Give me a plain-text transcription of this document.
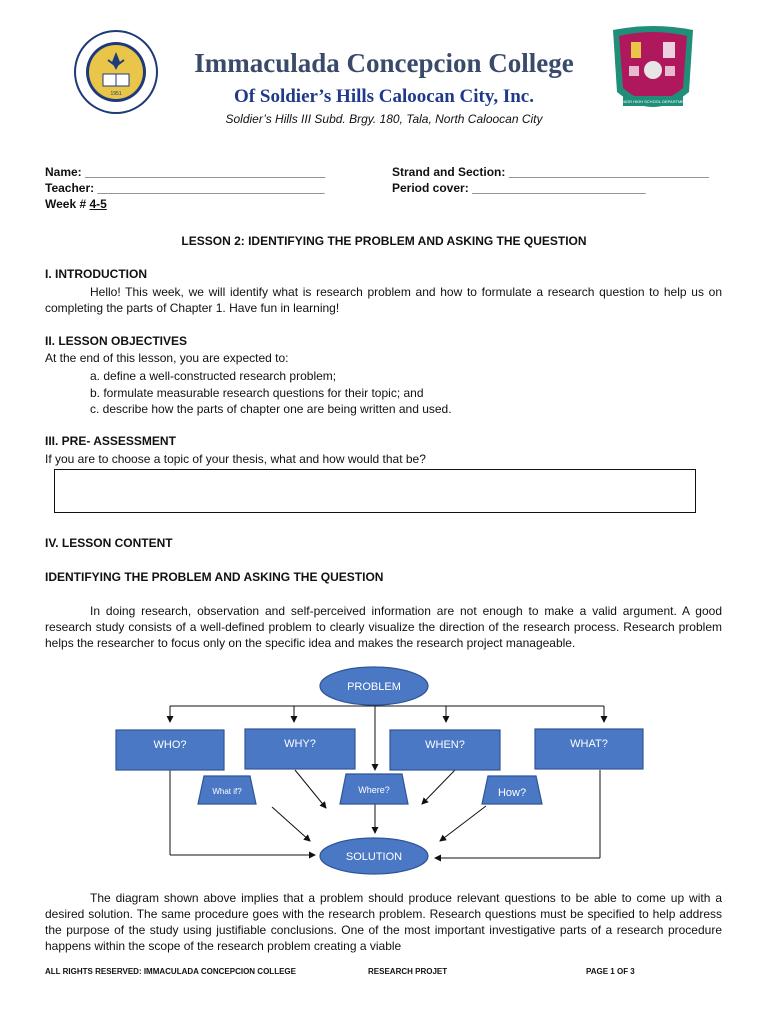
1951
Immaculada Concepcion College
Of Soldier’s Hills Caloocan City, Inc.
Soldier’s Hills III Subd. Brgy. 180, Tala, North Caloocan City
SENIOR HIGH SCHOOL DEPARTMENT
Name: ____________________________________	Strand and Section: ______________________________
Teacher: __________________________________	Period cover: __________________________
Week # 4-5
LESSON 2: IDENTIFYING THE PROBLEM AND ASKING THE QUESTION
I. INTRODUCTION
Hello! This week, we will identify what is research problem and how to formulate a research question to help us on completing the parts of Chapter 1. Have fun in learning!
II. LESSON OBJECTIVES
At the end of this lesson, you are expected to:
a. define a well-constructed research problem;
b. formulate measurable research questions for their topic; and
c. describe how the parts of chapter one are being written and used.
III. PRE- ASSESSMENT
If you are to choose a topic of your thesis, what and how would that be?
IV. LESSON CONTENT
IDENTIFYING THE PROBLEM AND ASKING THE QUESTION
In doing research, observation and self-perceived information are not enough to make a valid argument. A good research study consists of a well-defined problem to clearly visualize the direction of the research process. Research problem helps the researcher to focus only on the specific idea and makes the research project manageable.
PROBLEM
WHO?	WHY?	WHEN?	WHAT?
What if?	Where?	How?
SOLUTION
The diagram shown above implies that a problem should produce relevant questions to be able to come up with a desired solution. The same procedure goes with the research problem. Research questions must be specified to help address the purpose of the study using justifiable conclusions. One of the most important investigative parts of a research procedure happens within the scope of the research problem creating a viable
ALL RIGHTS RESERVED: IMMACULADA CONCEPCION COLLEGE	RESEARCH PROJET	PAGE 1 OF 3
